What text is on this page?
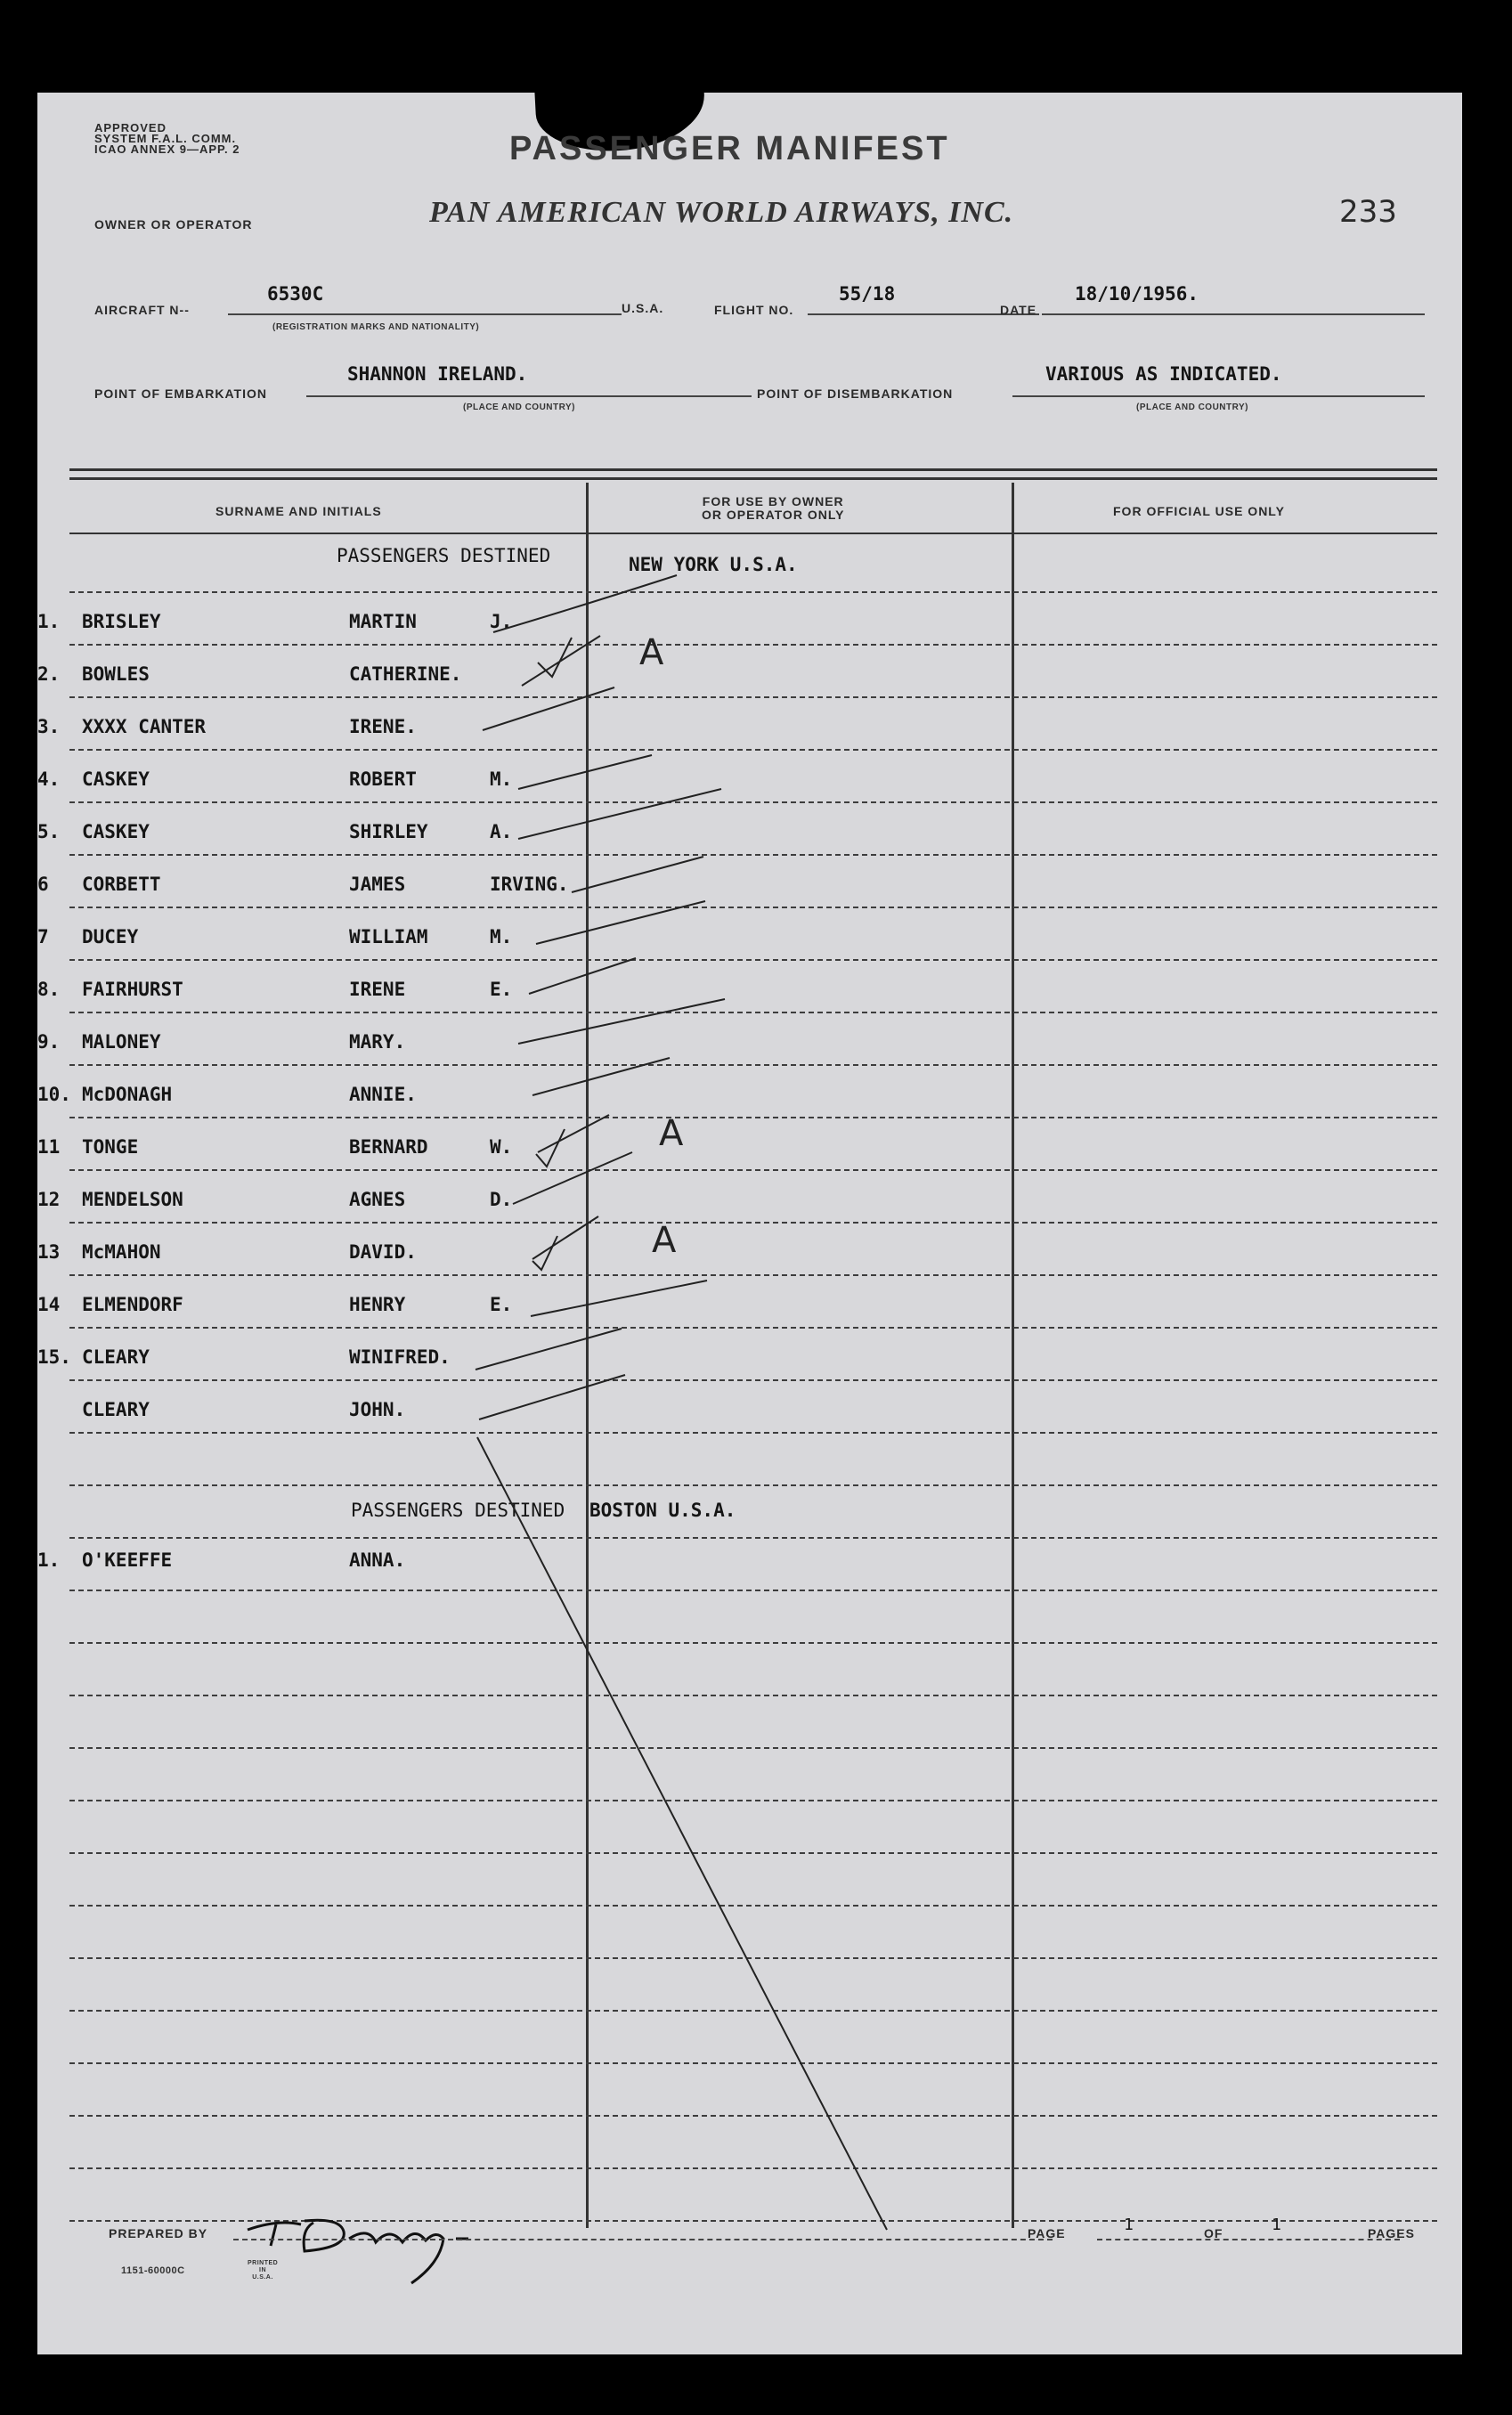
APPROVED
SYSTEM F.A.L. COMM.
ICAO ANNEX 9—APP. 2	PASSENGER MANIFEST
OWNER OR OPERATOR	PAN AMERICAN WORLD AIRWAYS, INC.	233
AIRCRAFT N--
6530C
(REGISTRATION MARKS AND NATIONALITY)
U.S.A.	FLIGHT NO.
55/18
DATE
18/10/1956.
POINT OF EMBARKATION
SHANNON IRELAND.
(PLACE AND COUNTRY)
POINT OF DISEMBARKATION
VARIOUS AS INDICATED.
(PLACE AND COUNTRY)
SURNAME AND INITIALS
FOR USE BY OWNER
OR OPERATOR ONLY	FOR OFFICIAL USE ONLY
PASSENGERS DESTINED	NEW YORK U.S.A.
1. BRISLEY	MARTIN	J.
2. BOWLES	CATHERINE.
3. XXXX CANTER	IRENE.
4. CASKEY	ROBERT	M.
5. CASKEY	SHIRLEY	A.
6 CORBETT	JAMES	IRVING.
7 DUCEY	WILLIAM	M.
8. FAIRHURST	IRENE	E.
9. MALONEY	MARY.
10. McDONAGH	ANNIE.
11 TONGE	BERNARD	W.
12 MENDELSON	AGNES	D.
13 McMAHON	DAVID.
14 ELMENDORF	HENRY	E.
15. CLEARY	WINIFRED.
CLEARY	JOHN.
PASSENGERS DESTINED BOSTON U.S.A.
1. O'KEEFFE	ANNA.
A
A
A
PREPARED BY	PAGE	1	OF	1	PAGES
1151-60000C
PRINTED IN U.S.A.
